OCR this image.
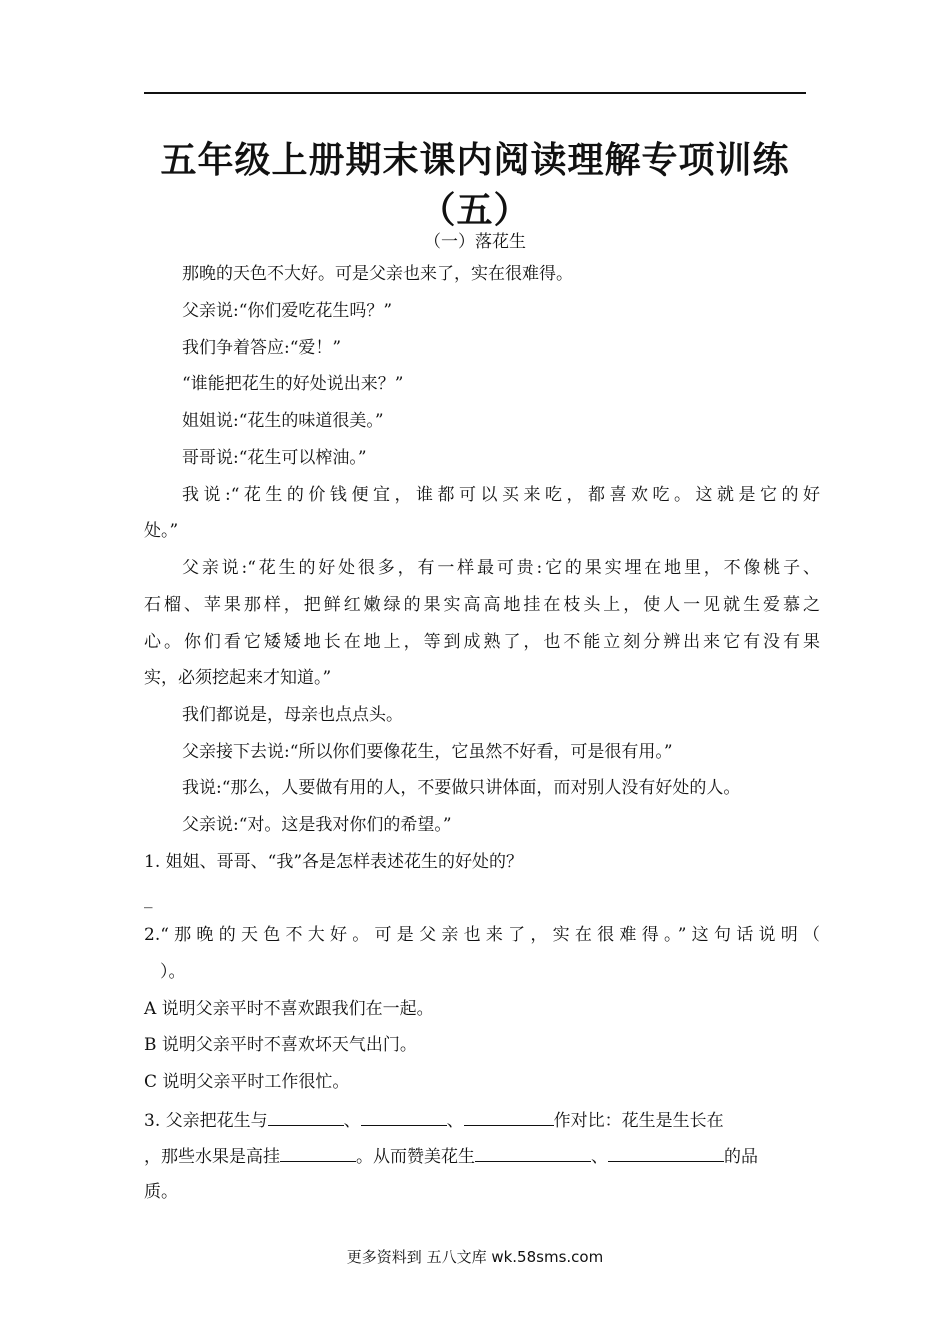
五年级上册期末课内阅读理解专项训练
（五）
（一）落花生
那晚的天色不大好。可是父亲也来了，实在很难得。
父亲说:“你们爱吃花生吗？”
我们争着答应:“爱！”
“谁能把花生的好处说出来？”
姐姐说:“花生的味道很美。”
哥哥说:“花生可以榨油。”
我说:“花生的价钱便宜，谁都可以买来吃，都喜欢吃。这就是它的好
处。”
父亲说:“花生的好处很多，有一样最可贵:它的果实埋在地里，不像桃子、
石榴、苹果那样，把鲜红嫩绿的果实高高地挂在枝头上，使人一见就生爱慕之
心。你们看它矮矮地长在地上，等到成熟了，也不能立刻分辨出来它有没有果
实，必须挖起来才知道。”
我们都说是，母亲也点点头。
父亲接下去说:“所以你们要像花生，它虽然不好看，可是很有用。”
我说:“那么，人要做有用的人，不要做只讲体面，而对别人没有好处的人。
父亲说:“对。这是我对你们的希望。”
1. 姐姐、哥哥、“我”各是怎样表述花生的好处的？
_
2.“那晚的天色不大好。可是父亲也来了，实在很难得。”这句话说明（
）。
A 说明父亲平时不喜欢跟我们在一起。
B 说明父亲平时不喜欢坏天气出门。
C 说明父亲平时工作很忙。
3. 父亲把花生与	、	、	作对比：花生是生长在
，那些水果是高挂	。从而赞美花生	、	的品
质。
更多资料到 五八文库 wk.58sms.com
